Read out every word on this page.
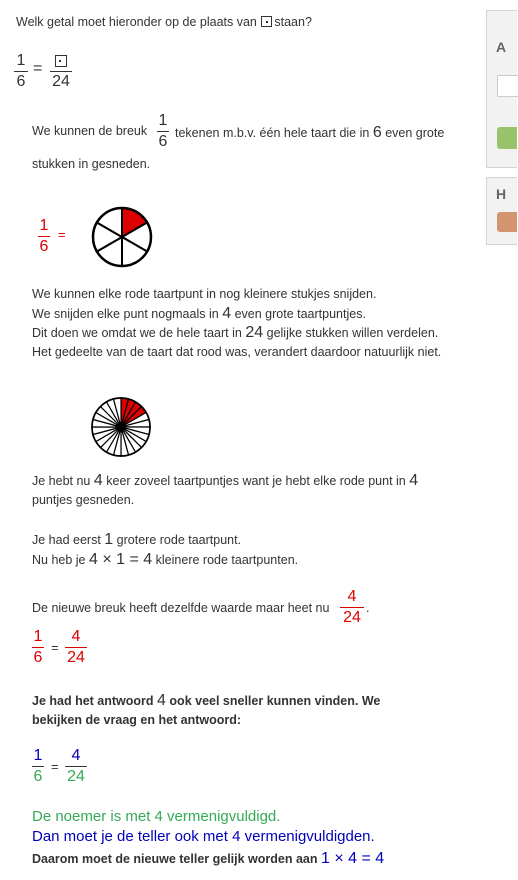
Welk getal moet hieronder op de plaats van staan?
1
6
=
24
We kunnen de breuk
1
6 tekenen m.b.v. één hele taart die in 6 even grote
stukken in gesneden.
1
6
=
We kunnen elke rode taartpunt in nog kleinere stukjes snijden.
We snijden elke punt nogmaals in 4 even grote taartpuntjes.
Dit doen we omdat we de hele taart in 24 gelijke stukken willen verdelen.
Het gedeelte van de taart dat rood was, verandert daardoor natuurlijk niet.
Je hebt nu 4 keer zoveel taartpuntjes want je hebt elke rode punt in 4
puntjes gesneden.
Je had eerst 1 grotere rode taartpunt.
Nu heb je 4 × 1 = 4 kleinere rode taartpunten.
De nieuwe breuk heeft dezelfde waarde maar heet nu
4
24
.
1
6
=
4
24
Je had het antwoord 4 ook veel sneller kunnen vinden. We
bekijken de vraag en het antwoord:
1
6
=
4
24
De noemer is met 4 vermenigvuldigd.
Dan moet je de teller ook met 4 vermenigvuldigden.
Daarom moet de nieuwe teller gelijk worden aan 1 × 4 = 4
A
H
